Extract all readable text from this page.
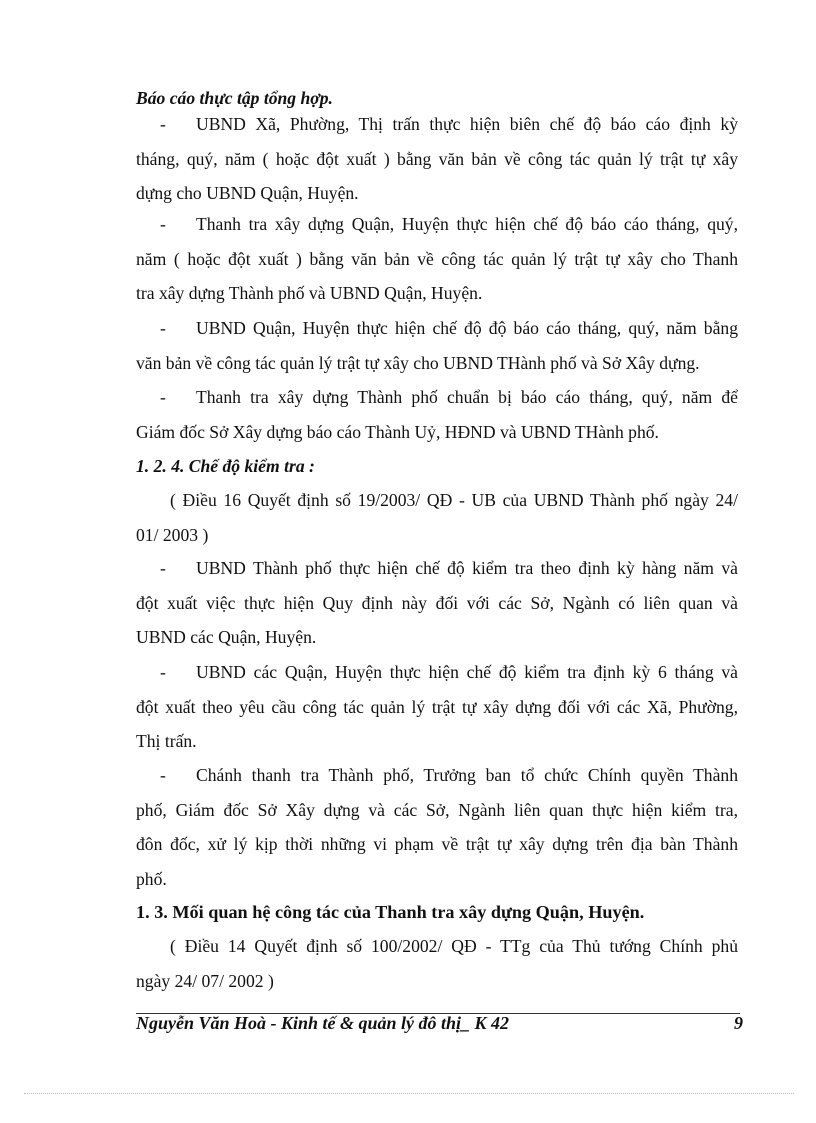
Báo cáo thực tập tổng hợp.
- UBND Xã, Phường, Thị trấn thực hiện biên chế độ báo cáo định kỳ
tháng, quý, năm ( hoặc đột xuất ) bằng văn bản về công tác quản lý trật tự xây
dựng cho UBND Quận, Huyện.
- Thanh tra xây dựng Quận, Huyện thực hiện chế độ báo cáo tháng, quý,
năm ( hoặc đột xuất ) bằng văn bản về công tác quản lý trật tự xây cho Thanh
tra xây dựng Thành phố và UBND Quận, Huyện.
- UBND Quận, Huyện thực hiện chế độ độ báo cáo tháng, quý, năm bằng
văn bản về công tác quản lý trật tự xây cho UBND THành phố và Sở Xây dựng.
- Thanh tra xây dựng Thành phố chuẩn bị báo cáo tháng, quý, năm để
Giám đốc Sở Xây dựng báo cáo Thành Uỷ, HĐND và UBND THành phố.
1. 2. 4. Chế độ kiểm tra :
( Điều 16 Quyết định số 19/2003/ QĐ - UB của UBND Thành phố ngày 24/
01/ 2003 )
- UBND Thành phố thực hiện chế độ kiểm tra theo định kỳ hàng năm và
đột xuất việc thực hiện Quy định này đối với các Sở, Ngành có liên quan và
UBND các Quận, Huyện.
- UBND các Quận, Huyện thực hiện chế độ kiểm tra định kỳ 6 tháng và
đột xuất theo yêu cầu công tác quản lý trật tự xây dựng đối với các Xã, Phường,
Thị trấn.
- Chánh thanh tra Thành phố, Trưởng ban tổ chức Chính quyền Thành
phố, Giám đốc Sở Xây dựng và các Sở, Ngành liên quan thực hiện kiểm tra,
đôn đốc, xử lý kịp thời những vi phạm về trật tự xây dựng trên địa bàn Thành
phố.
1. 3. Mối quan hệ công tác của Thanh tra xây dựng Quận, Huyện.
( Điều 14 Quyết định số 100/2002/ QĐ - TTg của Thủ tướng Chính phủ
ngày 24/ 07/ 2002 )
Nguyễn Văn Hoà - Kinh tế & quản lý đô thị_ K 42	9
